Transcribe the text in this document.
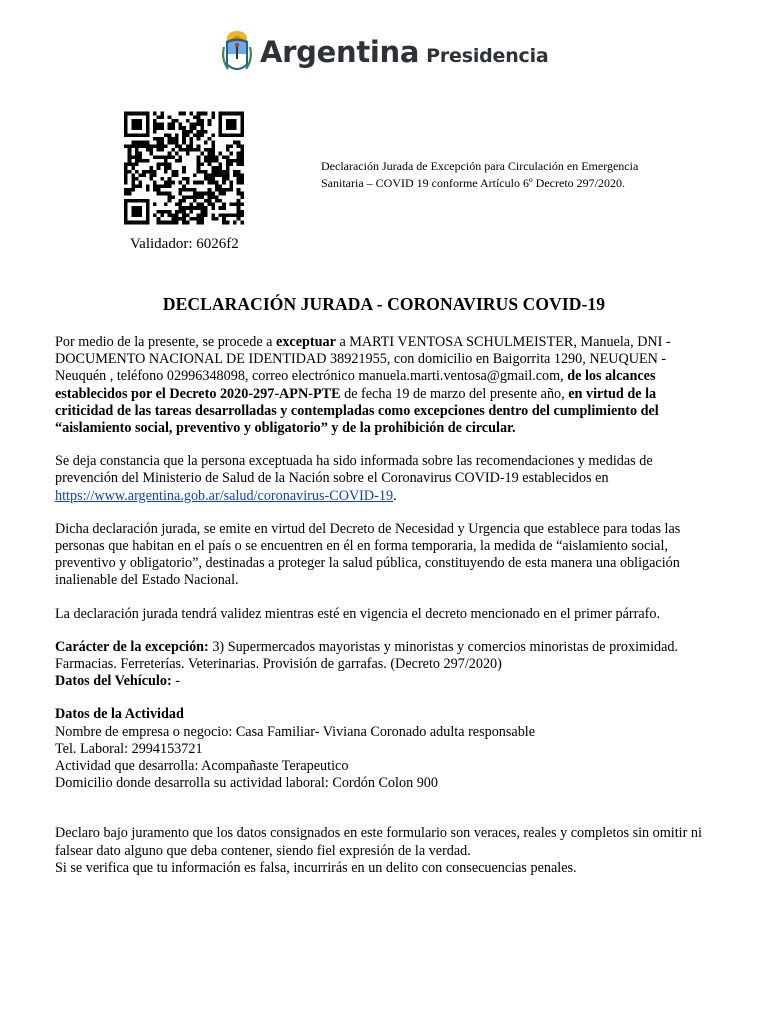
Argentina Presidencia
Validador: 6026f2
Declaración Jurada de Excepción para Circulación en Emergencia Sanitaria – COVID 19 conforme Artículo 6º Decreto 297/2020.
DECLARACIÓN JURADA - CORONAVIRUS COVID-19

Por medio de la presente, se procede a exceptuar a MARTI VENTOSA SCHULMEISTER, Manuela, DNI - DOCUMENTO NACIONAL DE IDENTIDAD 38921955, con domicilio en Baigorrita 1290, NEUQUEN - Neuquén , teléfono 02996348098, correo electrónico manuela.marti.ventosa@gmail.com, de los alcances establecidos por el Decreto 2020-297-APN-PTE de fecha 19 de marzo del presente año, en virtud de la criticidad de las tareas desarrolladas y contempladas como excepciones dentro del cumplimiento del “aislamiento social, preventivo y obligatorio” y de la prohibición de circular.

Se deja constancia que la persona exceptuada ha sido informada sobre las recomendaciones y medidas de prevención del Ministerio de Salud de la Nación sobre el Coronavirus COVID-19 establecidos en https://www.argentina.gob.ar/salud/coronavirus-COVID-19.

Dicha declaración jurada, se emite en virtud del Decreto de Necesidad y Urgencia que establece para todas las personas que habitan en el país o se encuentren en él en forma temporaria, la medida de “aislamiento social, preventivo y obligatorio”, destinadas a proteger la salud pública, constituyendo de esta manera una obligación inalienable del Estado Nacional.

La declaración jurada tendrá validez mientras esté en vigencia el decreto mencionado en el primer párrafo.

Carácter de la excepción: 3) Supermercados mayoristas y minoristas y comercios minoristas de proximidad. Farmacias. Ferreterías. Veterinarias. Provisión de garrafas. (Decreto 297/2020)

Datos del Vehículo: -

Datos de la Actividad

Nombre de empresa o negocio: Casa Familiar- Viviana Coronado adulta responsable

Tel. Laboral: 2994153721

Actividad que desarrolla: Acompañaste Terapeutico

Domicilio donde desarrolla su actividad laboral: Cordón Colon 900

Declaro bajo juramento que los datos consignados en este formulario son veraces, reales y completos sin omitir ni falsear dato alguno que deba contener, siendo fiel expresión de la verdad.

Si se verifica que tu información es falsa, incurrirás en un delito con consecuencias penales.
